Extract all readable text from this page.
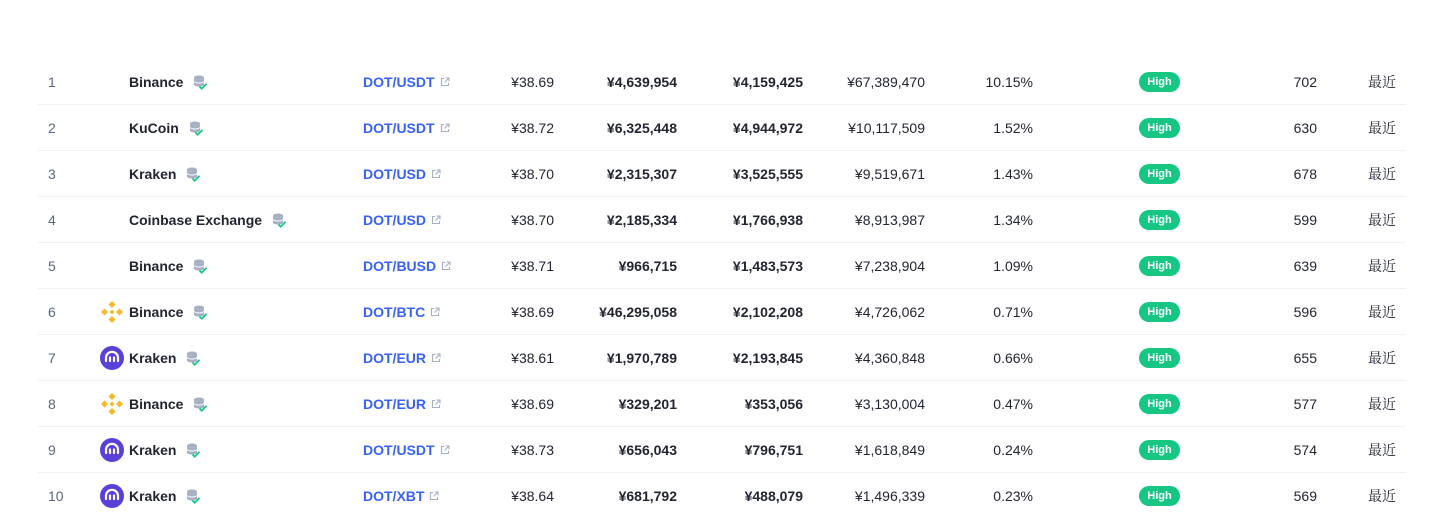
1	Binance	DOT/USDT	¥38.69	¥4,639,954	¥4,159,425	¥67,389,470	10.15%	High	702	最近
2	KuCoin	DOT/USDT	¥38.72	¥6,325,448	¥4,944,972	¥10,117,509	1.52%	High	630	最近
3	Kraken	DOT/USD	¥38.70	¥2,315,307	¥3,525,555	¥9,519,671	1.43%	High	678	最近
4	Coinbase Exchange	DOT/USD	¥38.70	¥2,185,334	¥1,766,938	¥8,913,987	1.34%	High	599	最近
5	Binance	DOT/BUSD	¥38.71	¥966,715	¥1,483,573	¥7,238,904	1.09%	High	639	最近
6	Binance	DOT/BTC	¥38.69	¥46,295,058	¥2,102,208	¥4,726,062	0.71%	High	596	最近
7	Kraken	DOT/EUR	¥38.61	¥1,970,789	¥2,193,845	¥4,360,848	0.66%	High	655	最近
8	Binance	DOT/EUR	¥38.69	¥329,201	¥353,056	¥3,130,004	0.47%	High	577	最近
9	Kraken	DOT/USDT	¥38.73	¥656,043	¥796,751	¥1,618,849	0.24%	High	574	最近
10	Kraken	DOT/XBT	¥38.64	¥681,792	¥488,079	¥1,496,339	0.23%	High	569	最近
